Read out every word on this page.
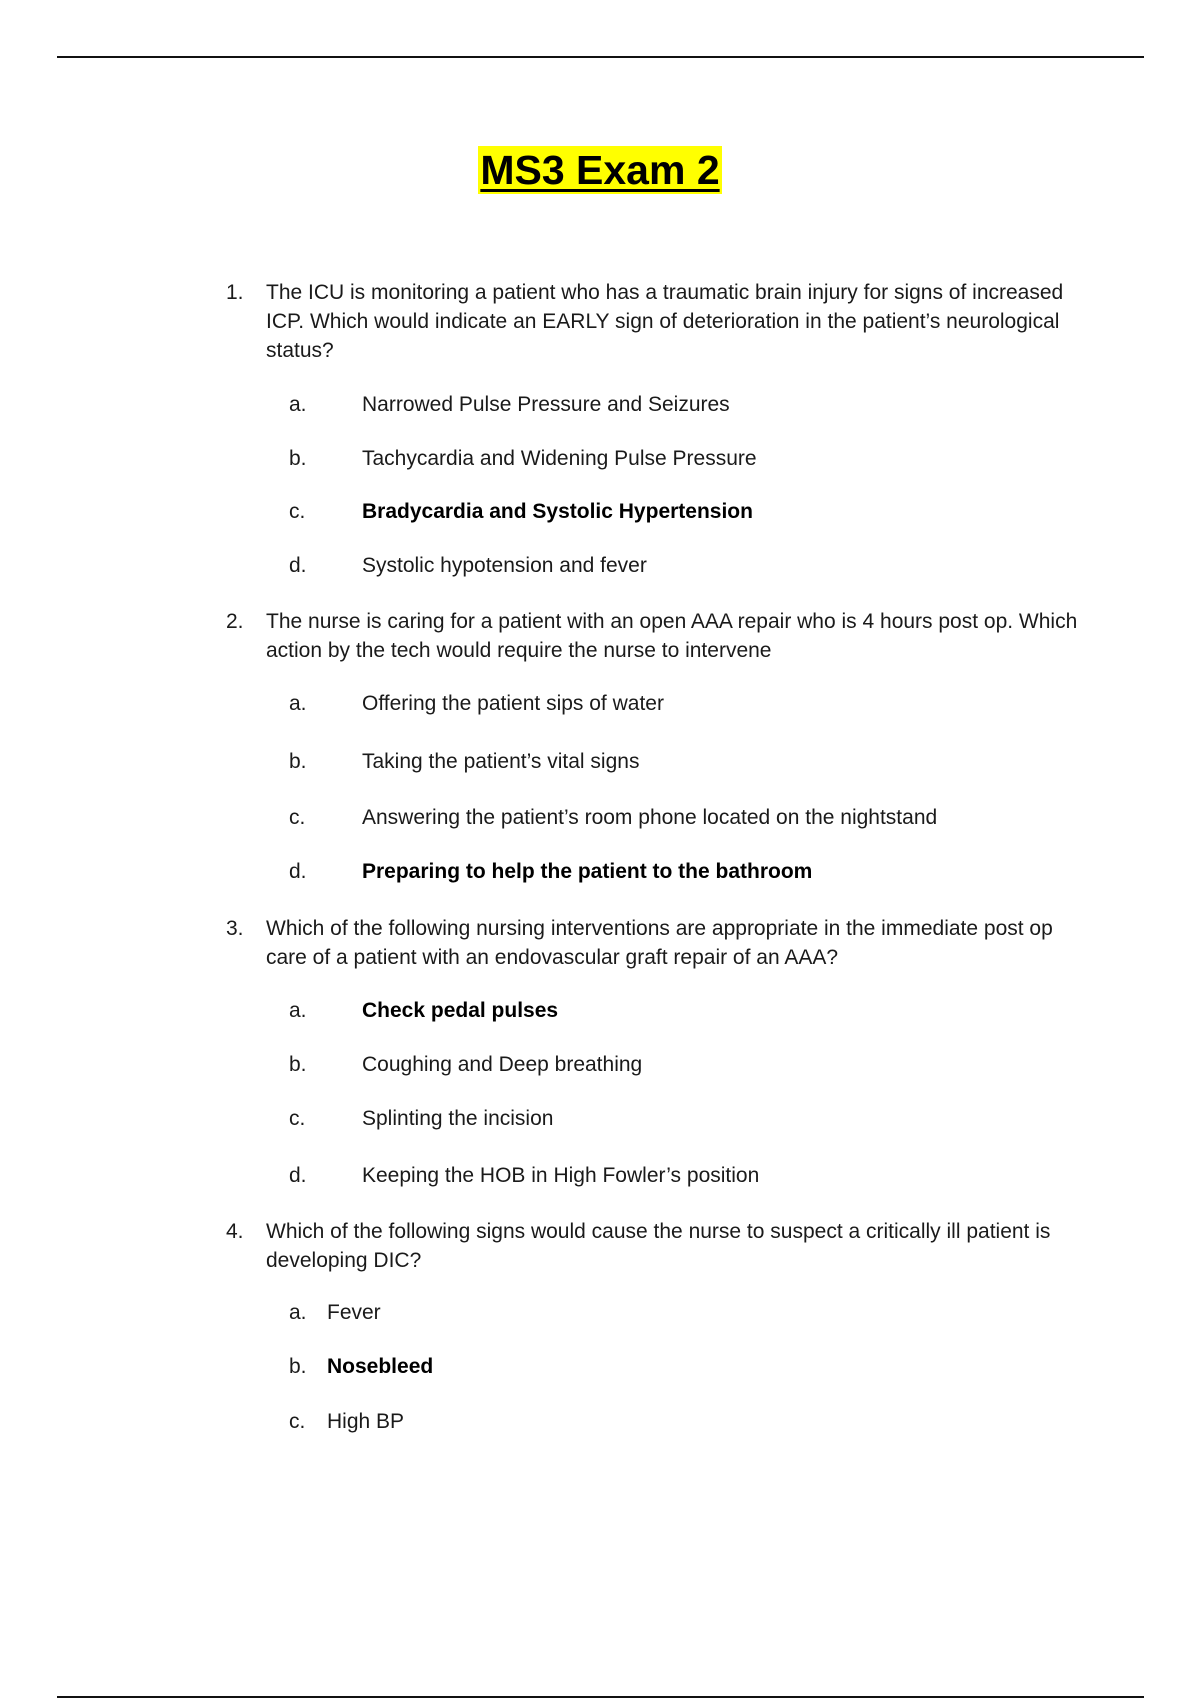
MS3 Exam 2
1. The ICU is monitoring a patient who has a traumatic brain injury for signs of increased ICP. Which would indicate an EARLY sign of deterioration in the patient’s neurological status?
a.	Narrowed Pulse Pressure and Seizures
b.	Tachycardia and Widening Pulse Pressure
c.	Bradycardia and Systolic Hypertension
d.	Systolic hypotension and fever
2. The nurse is caring for a patient with an open AAA repair who is 4 hours post op. Which action by the tech would require the nurse to intervene
a.	Offering the patient sips of water
b.	Taking the patient’s vital signs
c.	Answering the patient’s room phone located on the nightstand
d.	Preparing to help the patient to the bathroom
3. Which of the following nursing interventions are appropriate in the immediate post op care of a patient with an endovascular graft repair of an AAA?
a.	Check pedal pulses
b.	Coughing and Deep breathing
c.	Splinting the incision
d.	Keeping the HOB in High Fowler’s position
4. Which of the following signs would cause the nurse to suspect a critically ill patient is developing DIC?
a. Fever
b. Nosebleed
c. High BP
